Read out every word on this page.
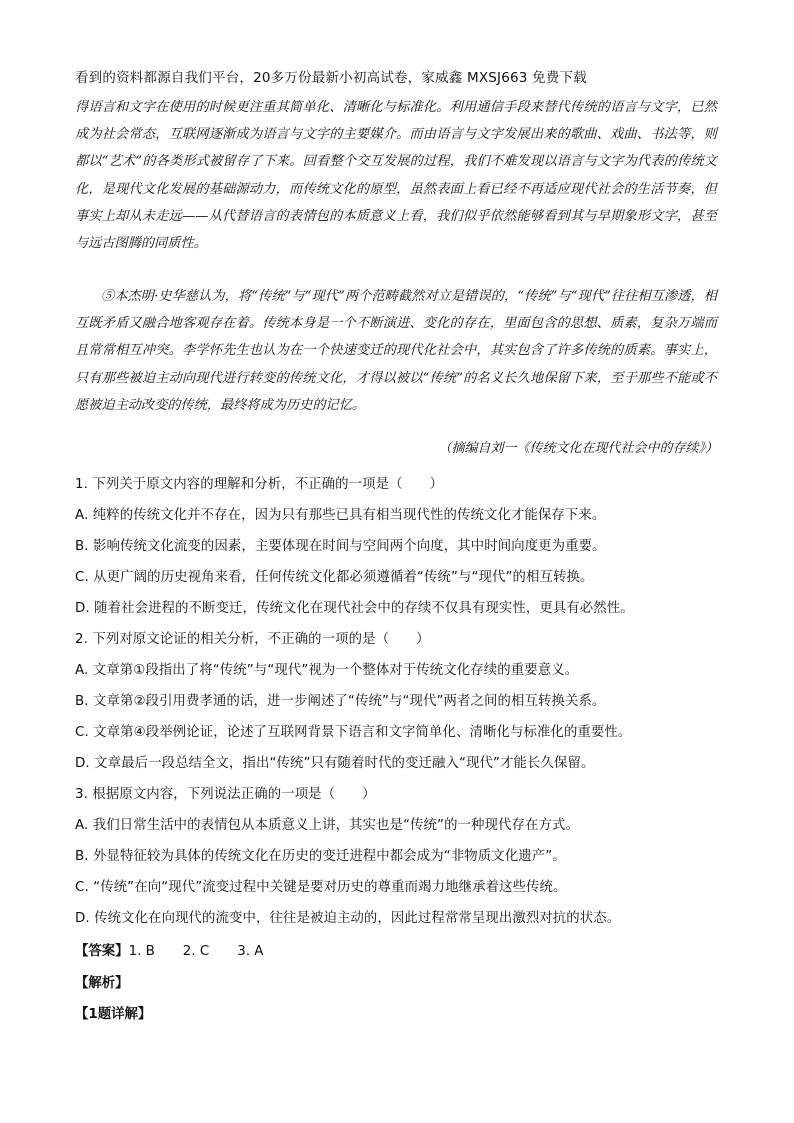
看到的资料都源自我们平台，20多万份最新小初高试卷，家威鑫 MXSJ663 免费下载
得语言和文字在使用的时候更注重其简单化、清晰化与标准化。利用通信手段来替代传统的语言与文字，已然成为社会常态，互联网逐渐成为语言与文字的主要媒介。而由语言与文字发展出来的歌曲、戏曲、书法等，则都以“艺术”的各类形式被留存了下来。回看整个交互发展的过程，我们不难发现以语言与文字为代表的传统文化，是现代文化发展的基础源动力，而传统文化的原型，虽然表面上看已经不再适应现代社会的生活节奏，但事实上却从未走远——从代替语言的表情包的本质意义上看，我们似乎依然能够看到其与早期象形文字，甚至与远古图腾的同质性。
⑤本杰明·史华慈认为，将“传统”与“现代”两个范畴截然对立是错误的，“传统”与“现代”往往相互渗透，相互既矛盾又融合地客观存在着。传统本身是一个不断演进、变化的存在，里面包含的思想、质素，复杂万端而且常常相互冲突。李学怀先生也认为在一个快速变迁的现代化社会中，其实包含了许多传统的质素。事实上，只有那些被迫主动向现代进行转变的传统文化，才得以被以“传统”的名义长久地保留下来，至于那些不能或不愿被迫主动改变的传统，最终将成为历史的记忆。
（摘编自刘一《传统文化在现代社会中的存续》）
1. 下列关于原文内容的理解和分析，不正确的一项是（　　）
A. 纯粹的传统文化并不存在，因为只有那些已具有相当现代性的传统文化才能保存下来。
B. 影响传统文化流变的因素，主要体现在时间与空间两个向度，其中时间向度更为重要。
C. 从更广阔的历史视角来看，任何传统文化都必须遵循着“传统”与“现代”的相互转换。
D. 随着社会进程的不断变迁，传统文化在现代社会中的存续不仅具有现实性，更具有必然性。
2. 下列对原文论证的相关分析，不正确的一项的是（　　）
A. 文章第①段指出了将“传统”与“现代”视为一个整体对于传统文化存续的重要意义。
B. 文章第②段引用费孝通的话，进一步阐述了“传统”与“现代”两者之间的相互转换关系。
C. 文章第④段举例论证，论述了互联网背景下语言和文字简单化、清晰化与标准化的重要性。
D. 文章最后一段总结全文，指出“传统”只有随着时代的变迁融入“现代”才能长久保留。
3. 根据原文内容，下列说法正确的一项是（　　）
A. 我们日常生活中的表情包从本质意义上讲，其实也是“传统”的一种现代存在方式。
B. 外显特征较为具体的传统文化在历史的变迁进程中都会成为“非物质文化遗产”。
C. “传统”在向“现代”流变过程中关键是要对历史的尊重而竭力地继承着这些传统。
D. 传统文化在向现代的流变中，往往是被迫主动的，因此过程常常呈现出激烈对抗的状态。
【答案】1. B 2. C 3. A
【解析】
【1题详解】
